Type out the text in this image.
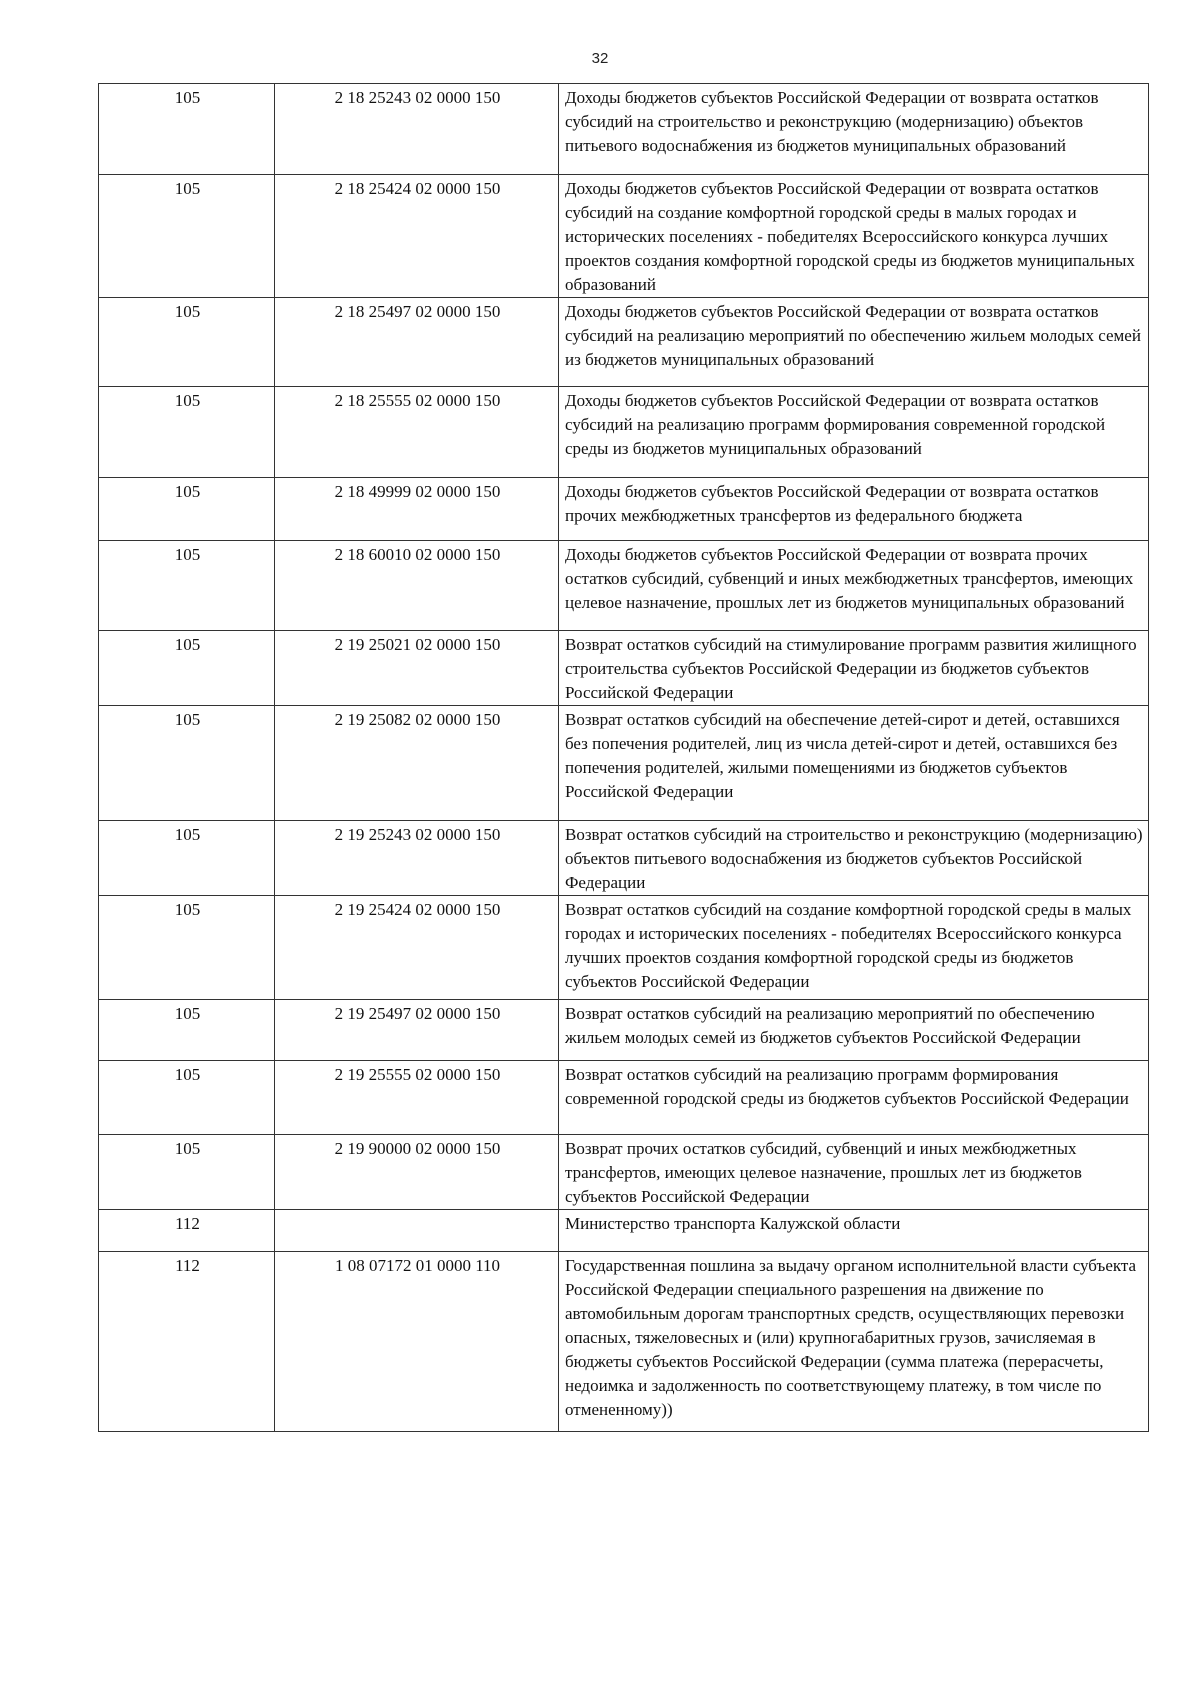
32
105	2 18 25243 02 0000 150	Доходы бюджетов субъектов Российской Федерации от возврата остатков субсидий на строительство и реконструкцию (модернизацию) объектов питьевого водоснабжения из бюджетов муниципальных образований
105	2 18 25424 02 0000 150	Доходы бюджетов субъектов Российской Федерации от возврата остатков субсидий на создание комфортной городской среды в малых городах и исторических поселениях - победителях Всероссийского конкурса лучших проектов создания комфортной городской среды из бюджетов муниципальных образований
105	2 18 25497 02 0000 150	Доходы бюджетов субъектов Российской Федерации от возврата остатков субсидий на реализацию мероприятий по обеспечению жильем молодых семей из бюджетов муниципальных образований
105	2 18 25555 02 0000 150	Доходы бюджетов субъектов Российской Федерации от возврата остатков субсидий на реализацию программ формирования современной городской среды из бюджетов муниципальных образований
105	2 18 49999 02 0000 150	Доходы бюджетов субъектов Российской Федерации от возврата остатков прочих межбюджетных трансфертов из федерального бюджета
105	2 18 60010 02 0000 150	Доходы бюджетов субъектов Российской Федерации от возврата прочих остатков субсидий, субвенций и иных межбюджетных трансфертов, имеющих целевое назначение, прошлых лет из бюджетов муниципальных образований
105	2 19 25021 02 0000 150	Возврат остатков субсидий на стимулирование программ развития жилищного строительства субъектов Российской Федерации из бюджетов субъектов Российской Федерации
105	2 19 25082 02 0000 150	Возврат остатков субсидий на обеспечение детей-сирот и детей, оставшихся без попечения родителей, лиц из числа детей-сирот и детей, оставшихся без попечения родителей, жилыми помещениями из бюджетов субъектов Российской Федерации
105	2 19 25243 02 0000 150	Возврат остатков субсидий на строительство и реконструкцию (модернизацию) объектов питьевого водоснабжения из бюджетов субъектов Российской Федерации
105	2 19 25424 02 0000 150	Возврат остатков субсидий на создание комфортной городской среды в малых городах и исторических поселениях - победителях Всероссийского конкурса лучших проектов создания комфортной городской среды из бюджетов субъектов Российской Федерации
105	2 19 25497 02 0000 150	Возврат остатков субсидий на реализацию мероприятий по обеспечению жильем молодых семей из бюджетов субъектов Российской Федерации
105	2 19 25555 02 0000 150	Возврат остатков субсидий на реализацию программ формирования современной городской среды из бюджетов субъектов Российской Федерации
105	2 19 90000 02 0000 150	Возврат прочих остатков субсидий, субвенций и иных межбюджетных трансфертов, имеющих целевое назначение, прошлых лет из бюджетов субъектов Российской Федерации
112		Министерство транспорта Калужской области
112	1 08 07172 01 0000 110	Государственная пошлина за выдачу органом исполнительной власти субъекта Российской Федерации специального разрешения на движение по автомобильным дорогам транспортных средств, осуществляющих перевозки опасных, тяжеловесных и (или) крупногабаритных грузов, зачисляемая в бюджеты субъектов Российской Федерации (сумма платежа (перерасчеты, недоимка и задолженность по соответствующему платежу, в том числе по отмененному))
